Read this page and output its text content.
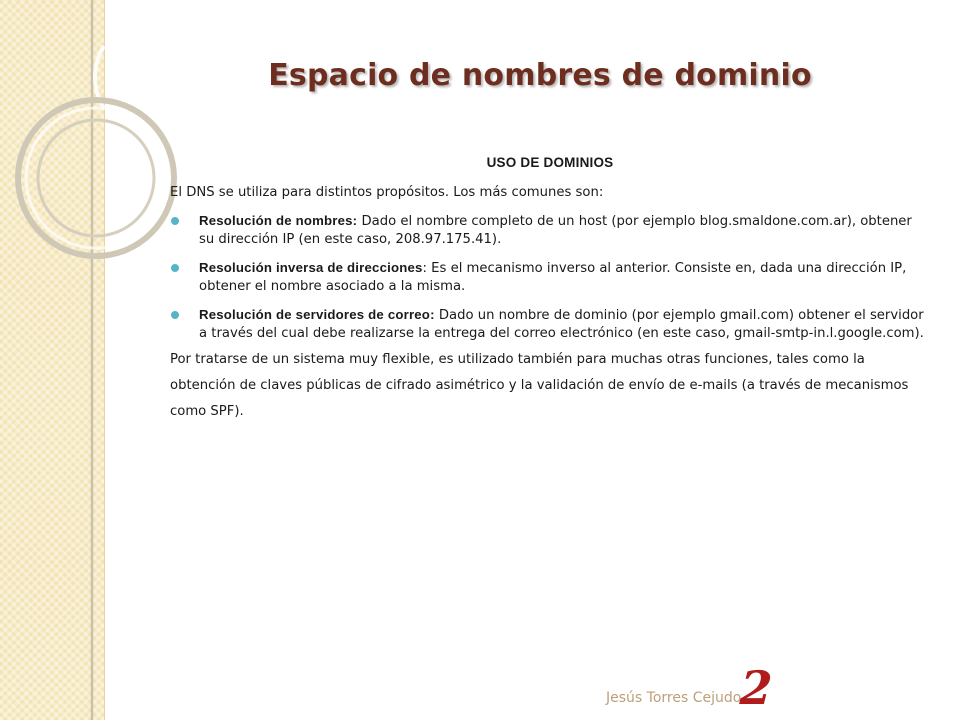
Espacio de nombres de dominio
USO DE DOMINIOS

El DNS se utiliza para distintos propósitos. Los más comunes son:

Resolución de nombres: Dado el nombre completo de un host (por ejemplo blog.smaldone.com.ar), obtener su dirección IP (en este caso, 208.97.175.41).
Resolución inversa de direcciones: Es el mecanismo inverso al anterior. Consiste en, dada una dirección IP, obtener el nombre asociado a la misma.
Resolución de servidores de correo: Dado un nombre de dominio (por ejemplo gmail.com) obtener el servidor a través del cual debe realizarse la entrega del correo electrónico (en este caso, gmail-smtp-in.l.google.com).

Por tratarse de un sistema muy flexible, es utilizado también para muchas otras funciones, tales como la obtención de claves públicas de cifrado asimétrico y la validación de envío de e-mails (a través de mecanismos como SPF).

Jesús Torres Cejudo
2
